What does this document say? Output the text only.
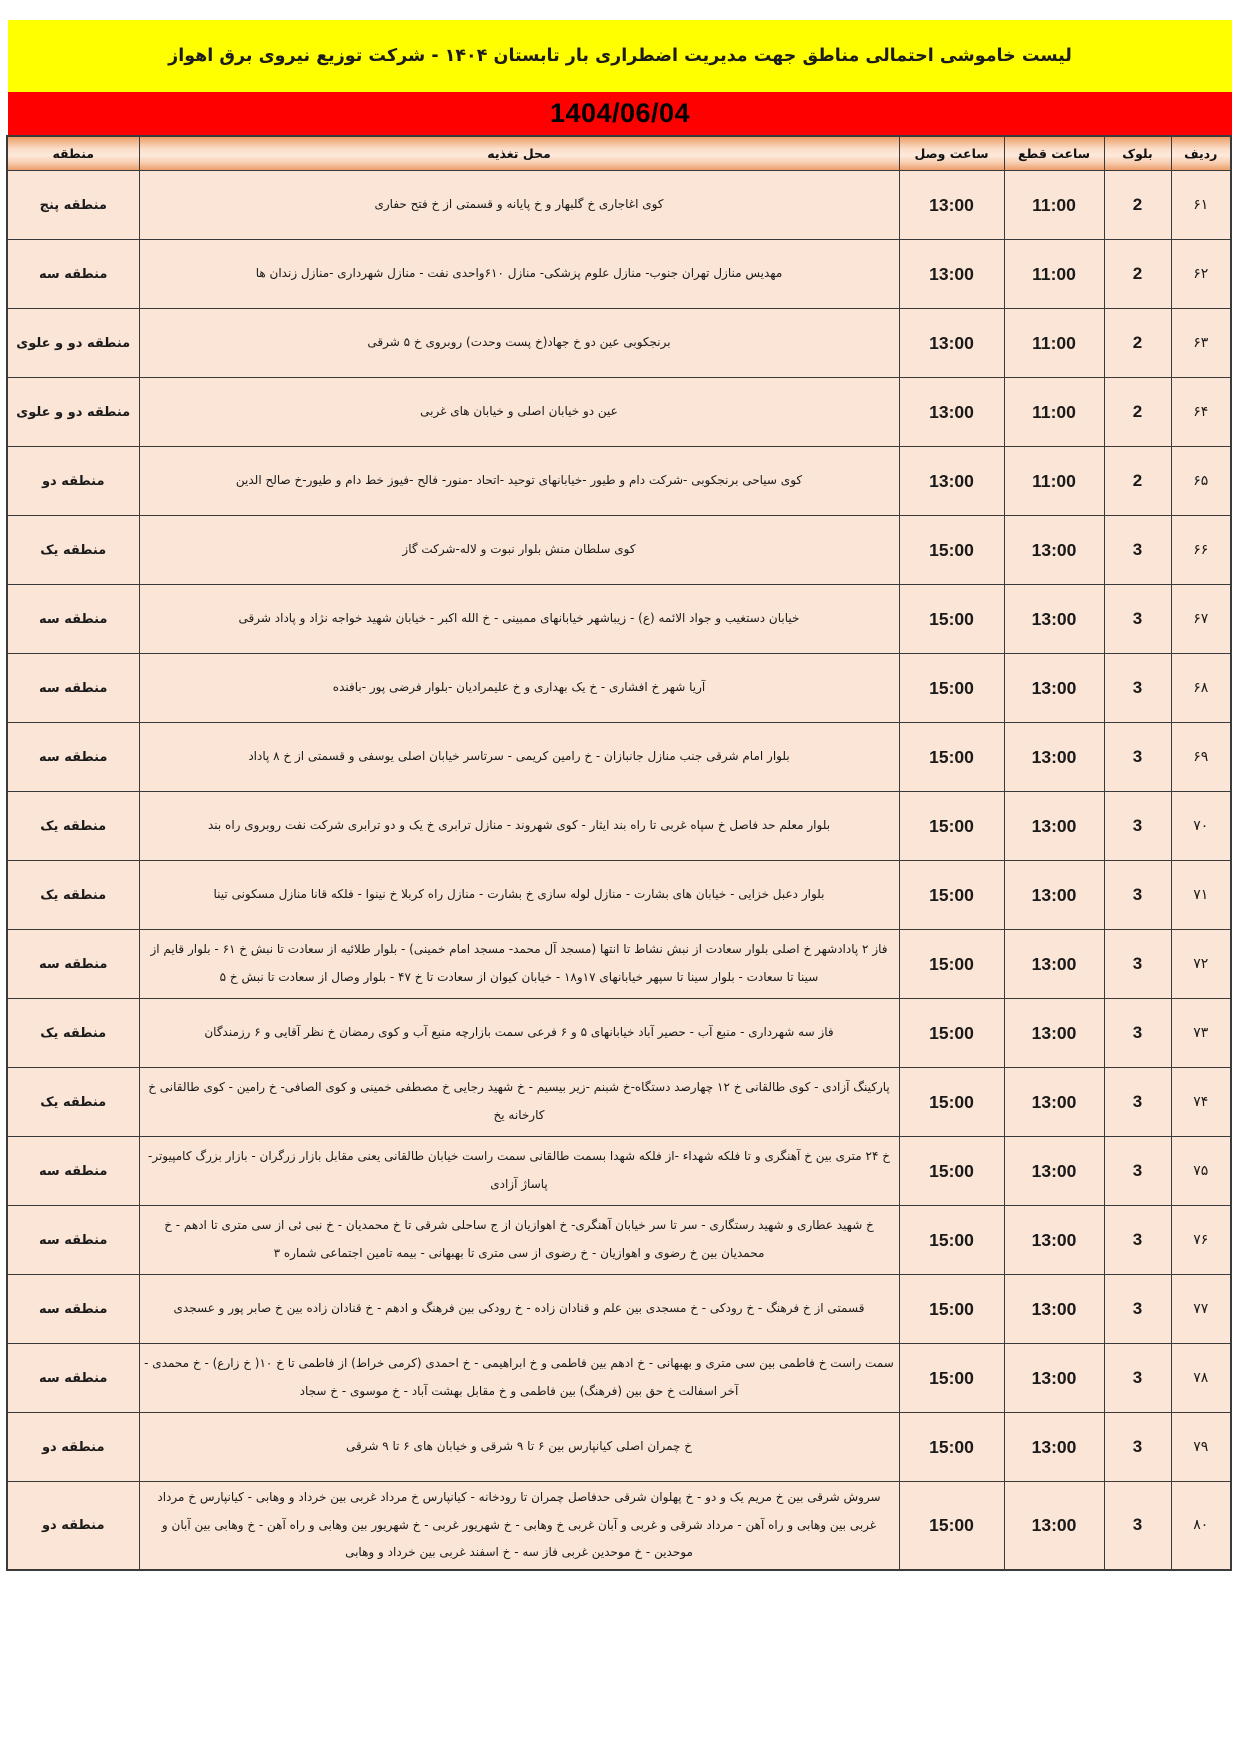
لیست خاموشی احتمالی مناطق جهت مدیریت اضطراری بار تابستان ۱۴۰۴ - شرکت توزیع نیروی برق اهواز
1404/06/04
ردیف	بلوک	ساعت قطع	ساعت وصل	محل تغذیه	منطقه
۶۱	2	11:00	13:00	کوی اغاجاری خ گلبهار و خ پایانه و قسمتی از خ فتح حفاری	منطقه پنج
۶۲	2	11:00	13:00	مهدیس منازل تهران جنوب- منازل علوم پزشکی- منازل ۶۱۰واحدی نفت - منازل شهرداری -منازل زندان ها	منطقه سه
۶۳	2	11:00	13:00	برنجکوبی عین دو خ جهاد(خ پست وحدت) روبروی خ ۵ شرقی	منطقه دو و علوی
۶۴	2	11:00	13:00	عین دو خیابان اصلی و خیابان های غربی	منطقه دو و علوی
۶۵	2	11:00	13:00	کوی سیاحی برنجکوبی -شرکت دام و طیور -خیابانهای توحید -اتحاد -منور- فالح -فیوز خط دام و طیور-خ صالح الدین	منطقه دو
۶۶	3	13:00	15:00	کوی سلطان منش بلوار نبوت و لاله-شرکت گاز	منطقه یک
۶۷	3	13:00	15:00	خیابان دستغیب و جواد الائمه (ع) - زیباشهر خیابانهای ممبینی - خ الله اکبر - خیابان شهید خواجه نژاد و پاداد شرقی	منطقه سه
۶۸	3	13:00	15:00	آریا شهر خ افشاری - خ یک بهداری و خ علیمرادیان -بلوار فرضی پور -بافنده	منطقه سه
۶۹	3	13:00	15:00	بلوار امام شرقی جنب منازل جانبازان - خ رامین کریمی - سرتاسر خیابان اصلی یوسفی و قسمتی از خ ۸ پاداد	منطقه سه
۷۰	3	13:00	15:00	بلوار معلم حد فاصل خ سپاه غربی تا راه بند ایثار - کوی شهروند - منازل ترابری خ یک و دو ترابری شرکت نفت روبروی راه بند	منطقه یک
۷۱	3	13:00	15:00	بلوار دعبل خزایی - خیابان های بشارت - منازل لوله سازی خ بشارت - منازل راه کربلا خ نینوا - فلکه قانا منازل مسکونی تینا	منطقه یک
۷۲	3	13:00	15:00	فاز ۲ پادادشهر خ اصلی بلوار سعادت از نبش نشاط تا انتها (مسجد آل محمد- مسجد امام خمینی) - بلوار طلائیه از سعادت تا نبش خ ۶۱ - بلوار قایم از سینا تا سعادت - بلوار سینا تا سپهر خیابانهای ۱۷و۱۸ - خیابان کیوان از سعادت تا خ ۴۷ - بلوار وصال از سعادت تا نبش خ ۵	منطقه سه
۷۳	3	13:00	15:00	فاز سه شهرداری - منبع آب - حصیر آباد خیابانهای ۵ و ۶ فرعی سمت بازارچه منبع آب و کوی رمضان خ نظر آقایی و ۶ رزمندگان	منطقه یک
۷۴	3	13:00	15:00	پارکینگ آزادی - کوی طالقانی خ ۱۲ چهارصد دستگاه-خ شبنم -زیر بیسیم - خ شهید رجایی خ مصطفی خمینی و کوی الصافی- خ رامین - کوی طالقانی خ کارخانه یخ	منطقه یک
۷۵	3	13:00	15:00	خ ۲۴ متری بین خ آهنگری و تا فلکه شهداء -از فلکه شهدا بسمت طالقانی سمت راست خیابان طالقانی یعنی مقابل بازار زرگران - بازار بزرگ کامپیوتر- پاساژ آزادی	منطقه سه
۷۶	3	13:00	15:00	خ شهید عطاری و شهید رستگاری - سر تا سر خیابان آهنگری- خ اهوازیان از ج ساحلی شرقی تا خ محمدیان - خ نبی ئی از سی متری تا ادهم - خ محمدیان بین خ رضوی و اهوازیان - خ رضوی از سی متری تا بهبهانی - بیمه تامین اجتماعی شماره ۳	منطقه سه
۷۷	3	13:00	15:00	قسمتی از خ فرهنگ - خ رودکی - خ مسجدی بین علم و قنادان زاده - خ رودکی بین فرهنگ و ادهم - خ قنادان زاده بین خ صابر پور و عسجدی	منطقه سه
۷۸	3	13:00	15:00	سمت راست خ فاطمی بین سی متری و بهبهانی - خ ادهم بین فاطمی و خ ابراهیمی - خ احمدی (کرمی خراط) از فاطمی تا خ ۱۰( خ زارع) - خ محمدی - آخر اسفالت خ حق بین (فرهنگ) بین فاطمی و خ مقابل بهشت آباد - خ موسوی - خ سجاد	منطقه سه
۷۹	3	13:00	15:00	خ چمران اصلی کیانپارس بین ۶ تا ۹ شرقی و خیابان های ۶ تا ۹ شرقی	منطقه دو
۸۰	3	13:00	15:00	سروش شرقی بین خ مریم یک و دو - خ پهلوان شرقی حدفاصل چمران تا رودخانه - کیانپارس خ مرداد غربی بین خرداد و وهابی - کیانپارس خ مرداد غربی بین وهابی و راه آهن - مرداد شرقی و غربی و آبان غربی خ وهابی - خ شهریور غربی - خ شهریور بین وهابی و راه آهن - خ وهابی بین آبان و موحدین - خ موحدین غربی فاز سه - خ اسفند غربی بین خرداد و وهابی	منطقه دو
